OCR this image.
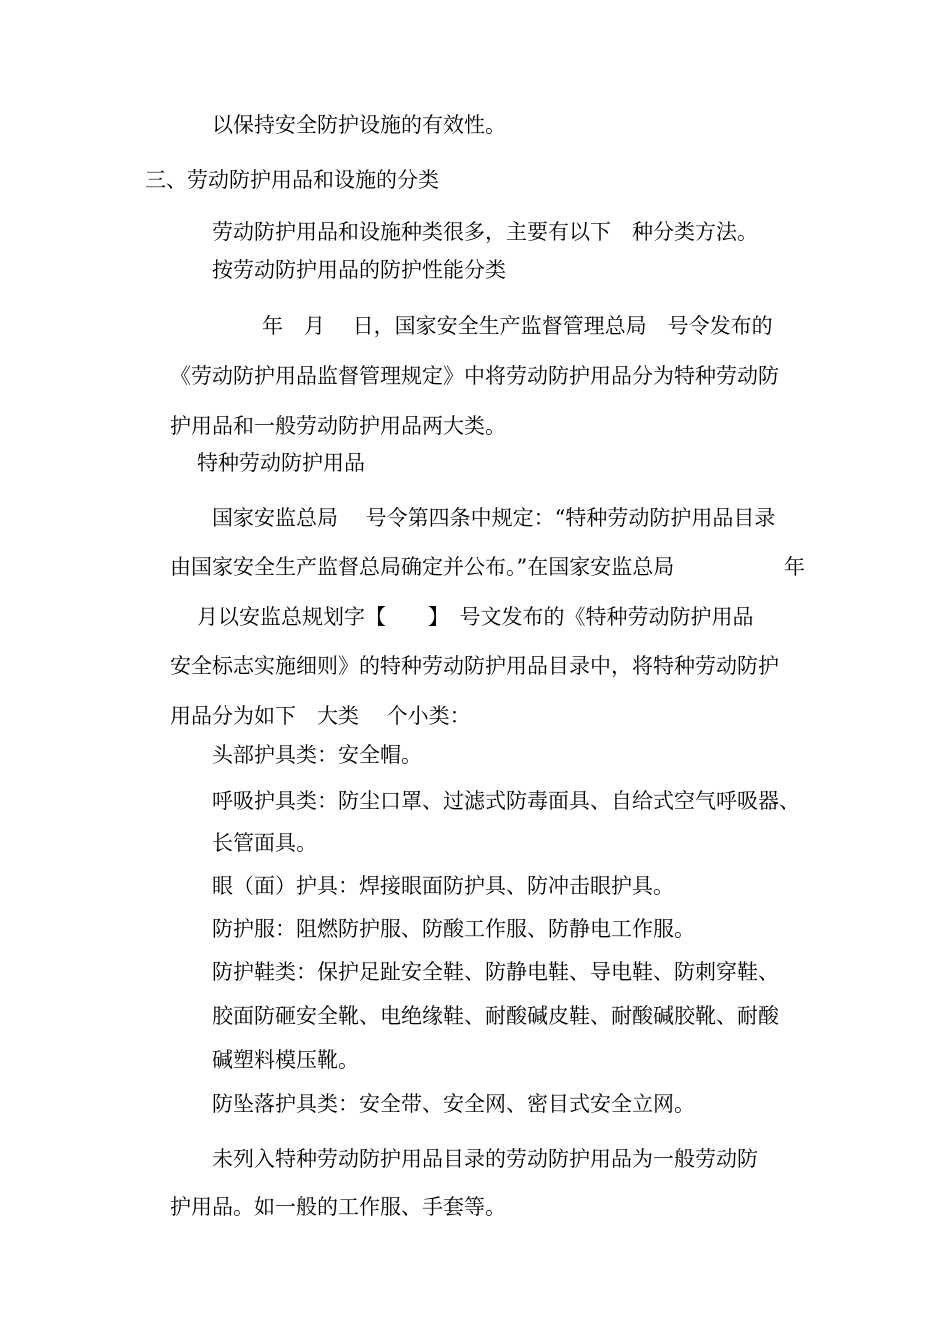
以保持安全防护设施的有效性。
三、劳动防护用品和设施的分类
劳动防护用品和设施种类很多，主要有以下　种分类方法。
按劳动防护用品的防护性能分类
年　月　 日，国家安全生产监督管理总局　号令发布的
《劳动防护用品监督管理规定》中将劳动防护用品分为特种劳动防
护用品和一般劳动防护用品两大类。
特种劳动防护用品
国家安监总局　 号令第四条中规定：“特种劳动防护用品目录
由国家安全生产监督总局确定并公布。”在国家安监总局	年
月以安监总规划字【　　】　号文发布的《特种劳动防护用品
安全标志实施细则》的特种劳动防护用品目录中，将特种劳动防护
用品分为如下　大类　 个小类：
头部护具类：安全帽。
呼吸护具类：防尘口罩、过滤式防毒面具、自给式空气呼吸器、
长管面具。
眼（面）护具：焊接眼面防护具、防冲击眼护具。
防护服：阻燃防护服、防酸工作服、防静电工作服。
防护鞋类：保护足趾安全鞋、防静电鞋、导电鞋、防刺穿鞋、
胶面防砸安全靴、电绝缘鞋、耐酸碱皮鞋、耐酸碱胶靴、耐酸
碱塑料模压靴。
防坠落护具类：安全带、安全网、密目式安全立网。
未列入特种劳动防护用品目录的劳动防护用品为一般劳动防
护用品。如一般的工作服、手套等。
